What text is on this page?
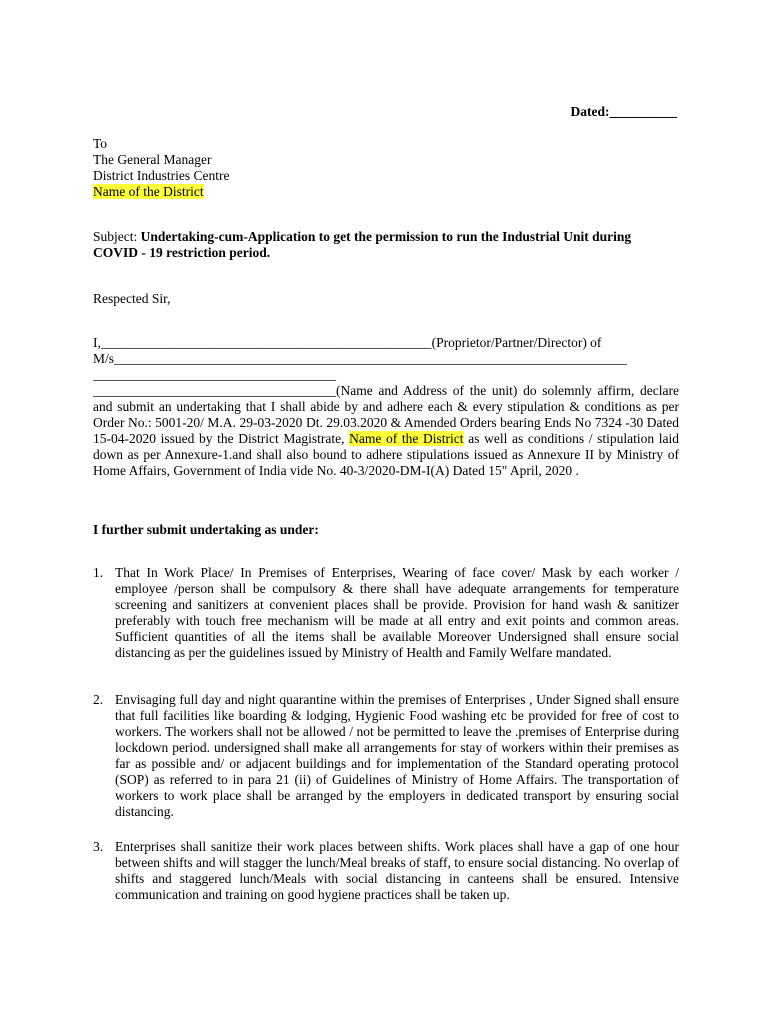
Dated:__________
To
The General Manager
District Industries Centre
Name of the District
Subject: Undertaking-cum-Application to get the permission to run the Industrial Unit during COVID - 19 restriction period.
Respected Sir,
I,_________________________________________________(Proprietor/Partner/Director) of
M/s____________________________________________________________________________
____________________________________
____________________________________(Name and Address of the unit) do solemnly affirm, declare and submit an undertaking that I shall abide by and adhere each & every stipulation & conditions as per Order No.: 5001-20/ M.A. 29-03-2020 Dt. 29.03.2020 & Amended Orders bearing Ends No 7324 -30 Dated 15-04-2020 issued by the District Magistrate, Name of the District as well as conditions / stipulation laid down as per Annexure-1.and shall also bound to adhere stipulations issued as Annexure II by Ministry of Home Affairs, Government of India vide No. 40-3/2020-DM-I(A) Dated 15" April, 2020 .
I further submit undertaking as under:
1. That In Work Place/ In Premises of Enterprises, Wearing of face cover/ Mask by each worker / employee /person shall be compulsory & there shall have adequate arrangements for temperature screening and sanitizers at convenient places shall be provide. Provision for hand wash & sanitizer preferably with touch free mechanism will be made at all entry and exit points and common areas. Sufficient quantities of all the items shall be available Moreover Undersigned shall ensure social distancing as per the guidelines issued by Ministry of Health and Family Welfare mandated.
2. Envisaging full day and night quarantine within the premises of Enterprises , Under Signed shall ensure that full facilities like boarding & lodging, Hygienic Food washing etc be provided for free of cost to workers. The workers shall not be allowed / not be permitted to leave the .premises of Enterprise during lockdown period. undersigned shall make all arrangements for stay of workers within their premises as far as possible and/ or adjacent buildings and for implementation of the Standard operating protocol (SOP) as referred to in para 21 (ii) of Guidelines of Ministry of Home Affairs. The transportation of workers to work place shall be arranged by the employers in dedicated transport by ensuring social distancing.
3. Enterprises shall sanitize their work places between shifts. Work places shall have a gap of one hour between shifts and will stagger the lunch/Meal breaks of staff, to ensure social distancing. No overlap of shifts and staggered lunch/Meals with social distancing in canteens shall be ensured. Intensive communication and training on good hygiene practices shall be taken up.
